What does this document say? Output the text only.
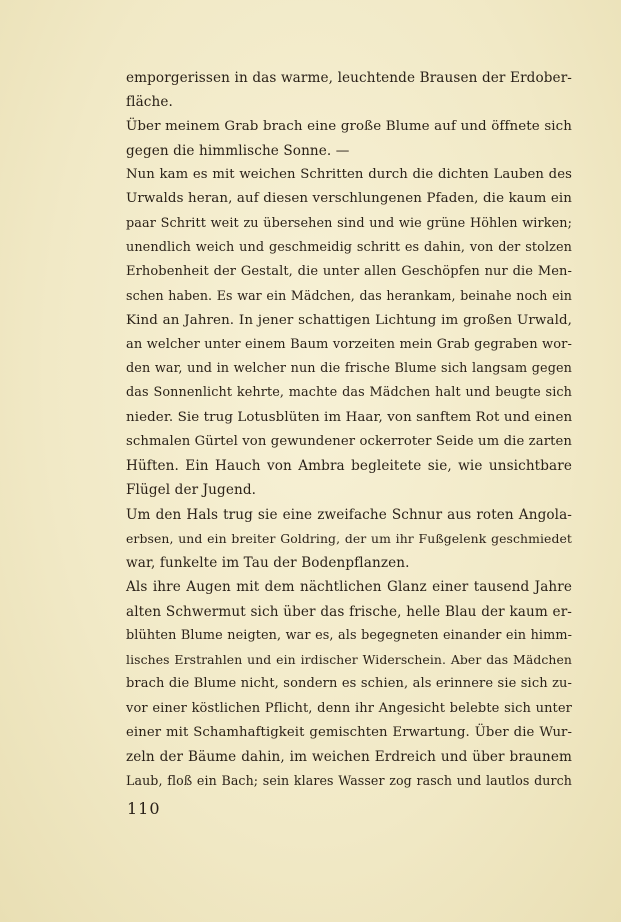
emporgerissen in das warme, leuchtende Brausen der Erdober-
fläche.
Über meinem Grab brach eine große Blume auf und öffnete sich
gegen die himmlische Sonne. —
Nun kam es mit weichen Schritten durch die dichten Lauben des
Urwalds heran, auf diesen verschlungenen Pfaden, die kaum ein
paar Schritt weit zu übersehen sind und wie grüne Höhlen wirken;
unendlich weich und geschmeidig schritt es dahin, von der stolzen
Erhobenheit der Gestalt, die unter allen Geschöpfen nur die Men-
schen haben. Es war ein Mädchen, das herankam, beinahe noch ein
Kind an Jahren. In jener schattigen Lichtung im großen Urwald,
an welcher unter einem Baum vorzeiten mein Grab gegraben wor-
den war, und in welcher nun die frische Blume sich langsam gegen
das Sonnenlicht kehrte, machte das Mädchen halt und beugte sich
nieder. Sie trug Lotusblüten im Haar, von sanftem Rot und einen
schmalen Gürtel von gewundener ockerroter Seide um die zarten
Hüften. Ein Hauch von Ambra begleitete sie, wie unsichtbare
Flügel der Jugend.
Um den Hals trug sie eine zweifache Schnur aus roten Angola-
erbsen, und ein breiter Goldring, der um ihr Fußgelenk geschmiedet
war, funkelte im Tau der Bodenpflanzen.
Als ihre Augen mit dem nächtlichen Glanz einer tausend Jahre
alten Schwermut sich über das frische, helle Blau der kaum er-
blühten Blume neigten, war es, als begegneten einander ein himm-
lisches Erstrahlen und ein irdischer Widerschein. Aber das Mädchen
brach die Blume nicht, sondern es schien, als erinnere sie sich zu-
vor einer köstlichen Pflicht, denn ihr Angesicht belebte sich unter
einer mit Schamhaftigkeit gemischten Erwartung. Über die Wur-
zeln der Bäume dahin, im weichen Erdreich und über braunem
Laub, floß ein Bach; sein klares Wasser zog rasch und lautlos durch
110
